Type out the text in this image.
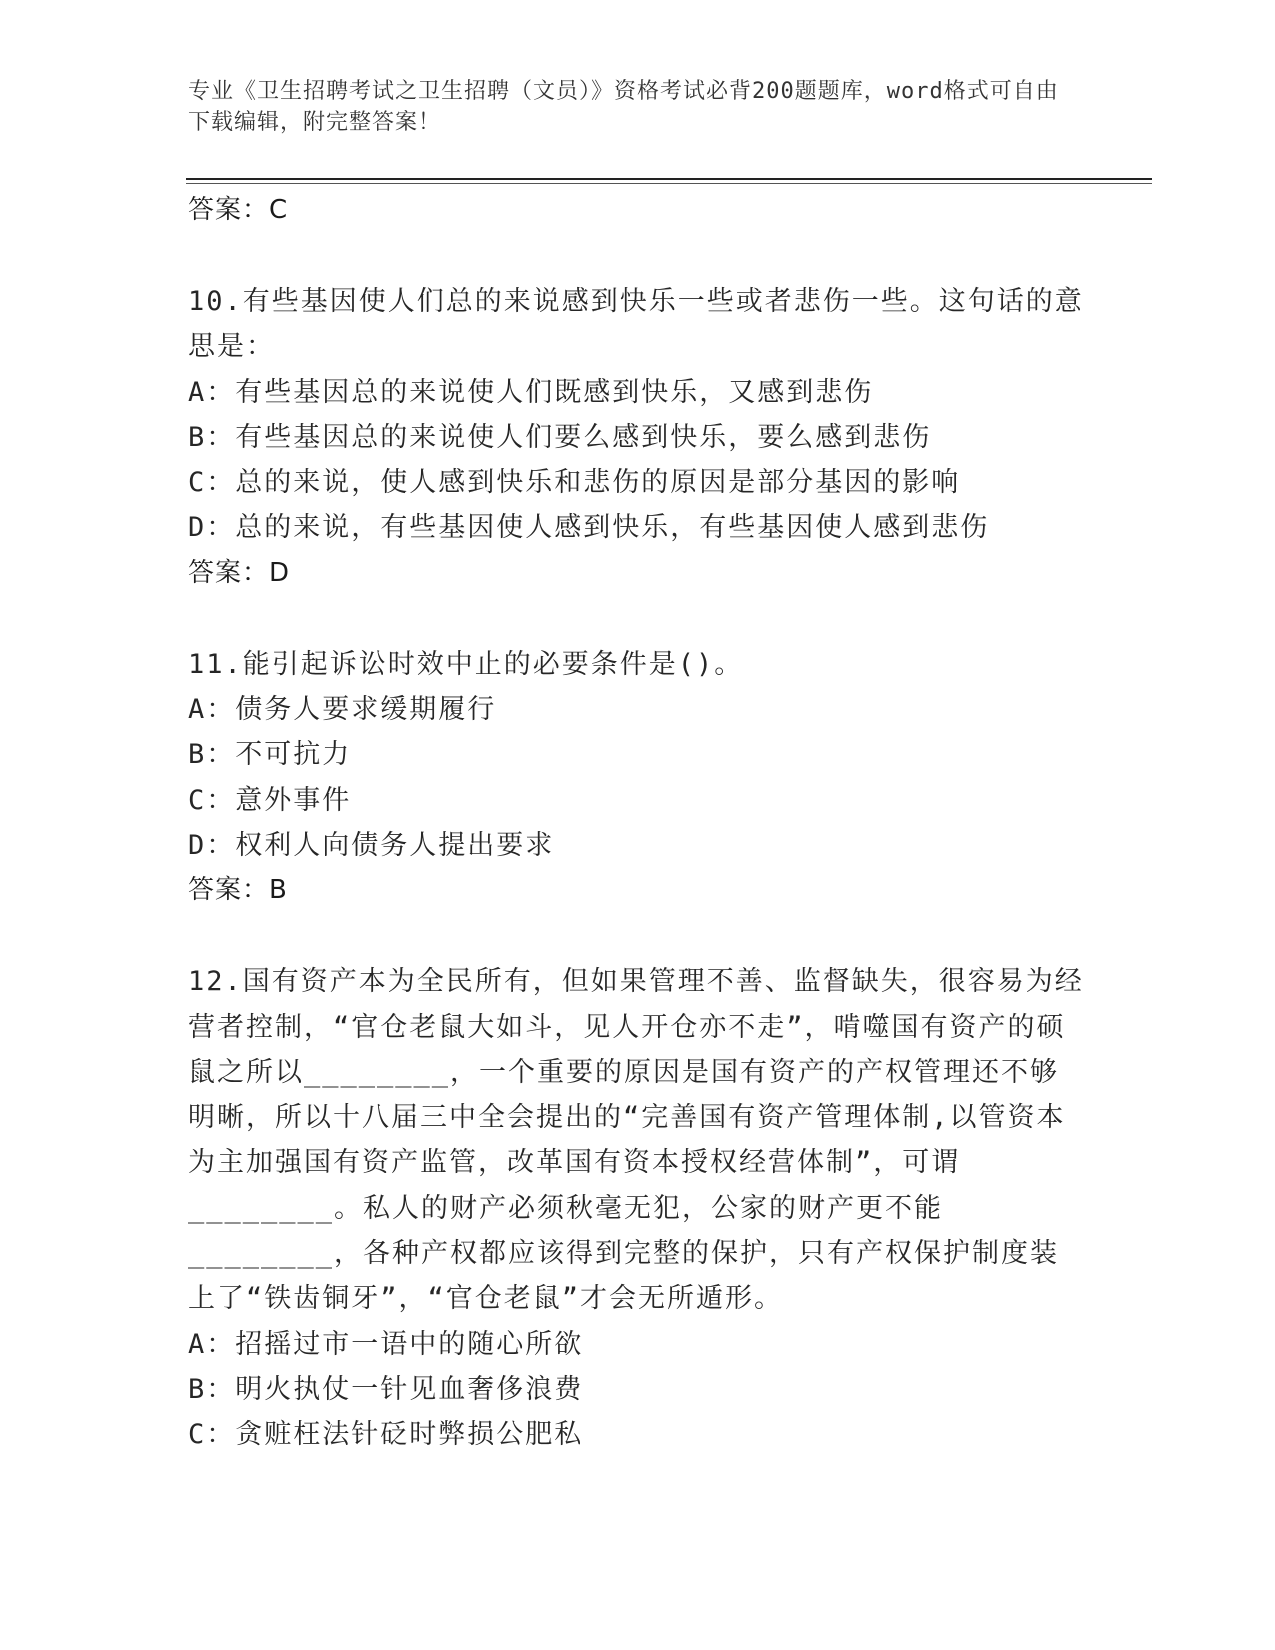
专业《卫生招聘考试之卫生招聘（文员）》资格考试必背200题题库，word格式可自由下载编辑，附完整答案！
答案：C
10.有些基因使人们总的来说感到快乐一些或者悲伤一些。这句话的意思是：
A：有些基因总的来说使人们既感到快乐，又感到悲伤
B：有些基因总的来说使人们要么感到快乐，要么感到悲伤
C：总的来说，使人感到快乐和悲伤的原因是部分基因的影响
D：总的来说，有些基因使人感到快乐，有些基因使人感到悲伤
答案：D
11.能引起诉讼时效中止的必要条件是()。
A：债务人要求缓期履行
B：不可抗力
C：意外事件
D：权利人向债务人提出要求
答案：B
12.国有资产本为全民所有，但如果管理不善、监督缺失，很容易为经营者控制，“官仓老鼠大如斗，见人开仓亦不走”，啃噬国有资产的硕鼠之所以________，一个重要的原因是国有资产的产权管理还不够明晰，所以十八届三中全会提出的“完善国有资产管理体制,以管资本为主加强国有资产监管，改革国有资本授权经营体制”，可谓________。私人的财产必须秋毫无犯，公家的财产更不能________，各种产权都应该得到完整的保护，只有产权保护制度装上了“铁齿铜牙”，“官仓老鼠”才会无所遁形。
A：招摇过市一语中的随心所欲
B：明火执仗一针见血奢侈浪费
C：贪赃枉法针砭时弊损公肥私
